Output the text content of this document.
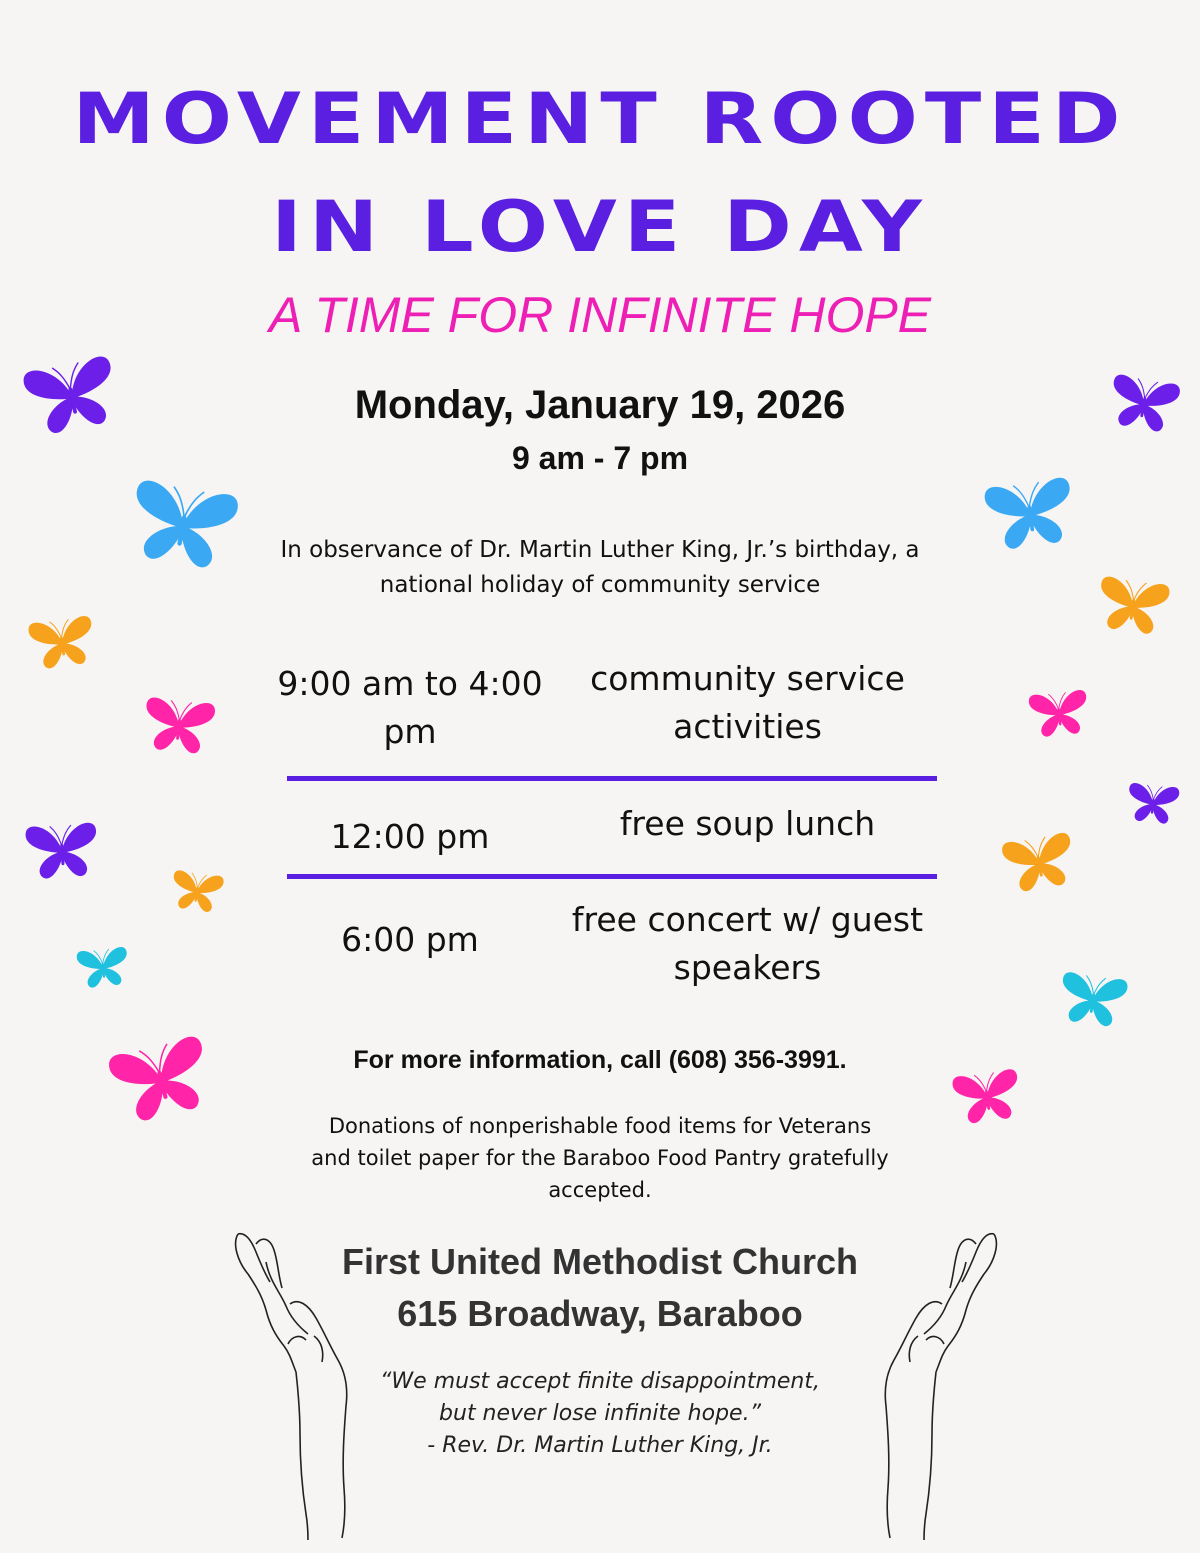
MOVEMENT ROOTED
IN LOVE DAY
A TIME FOR INFINITE HOPE
Monday, January 19, 2026
9 am - 7 pm
In observance of Dr. Martin Luther King, Jr.’s birthday, a
national holiday of community service
9:00 am to 4:00 pm
community service activities
12:00 pm	free soup lunch
6:00 pm
free concert w/ guest speakers
For more information, call (608) 356-3991.
Donations of nonperishable food items for Veterans
and toilet paper for the Baraboo Food Pantry gratefully
accepted.
First United Methodist Church
615 Broadway, Baraboo
“We must accept finite disappointment,
but never lose infinite hope.”
- Rev. Dr. Martin Luther King, Jr.
